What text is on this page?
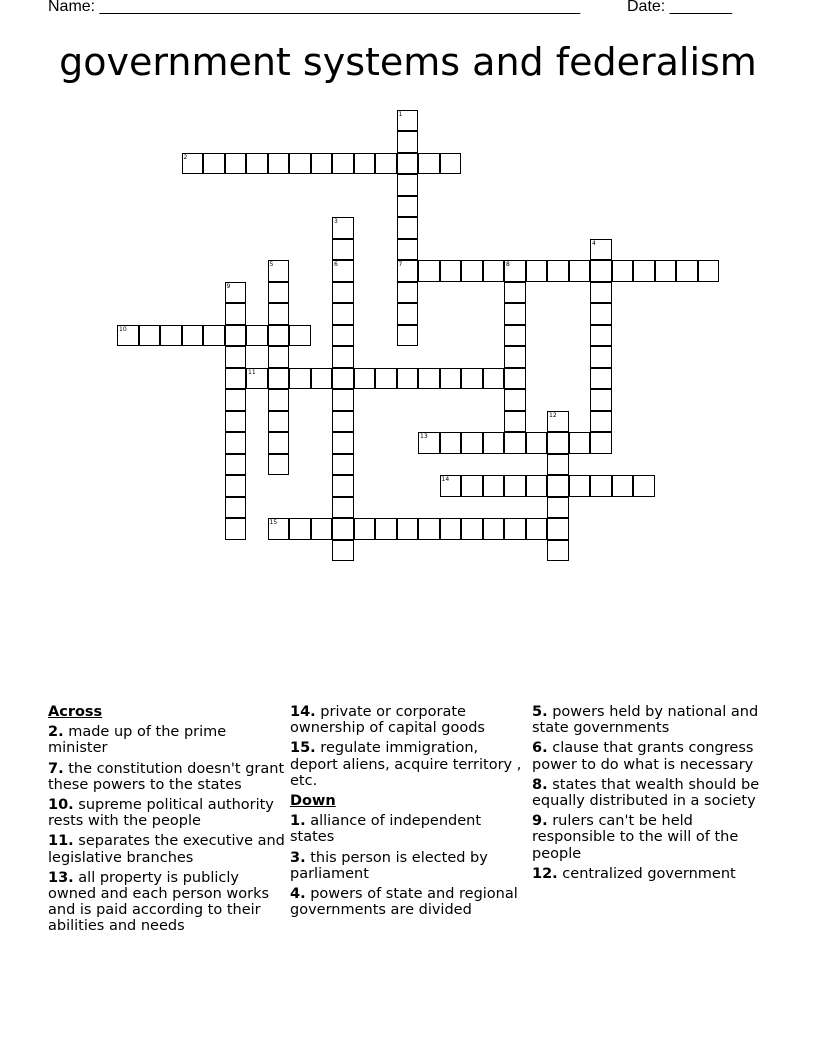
Name: ______________________________________________________	Date: _______
government systems and federalism
1
7
2
3
6
4
5	8
9
10
11
12
13
14
15
Across
2. made up of the prime minister
7. the constitution doesn't grant these powers to the states
10. supreme political authority rests with the people
11. separates the executive and legislative branches
13. all property is publicly owned and each person works and is paid according to their abilities and needs
14. private or corporate ownership of capital goods
15. regulate immigration, deport aliens, acquire territory , etc.
Down
1. alliance of independent states
3. this person is elected by parliament
4. powers of state and regional governments are divided
5. powers held by national and state governments
6. clause that grants congress power to do what is necessary
8. states that wealth should be equally distributed in a society
9. rulers can't be held responsible to the will of the people
12. centralized government
